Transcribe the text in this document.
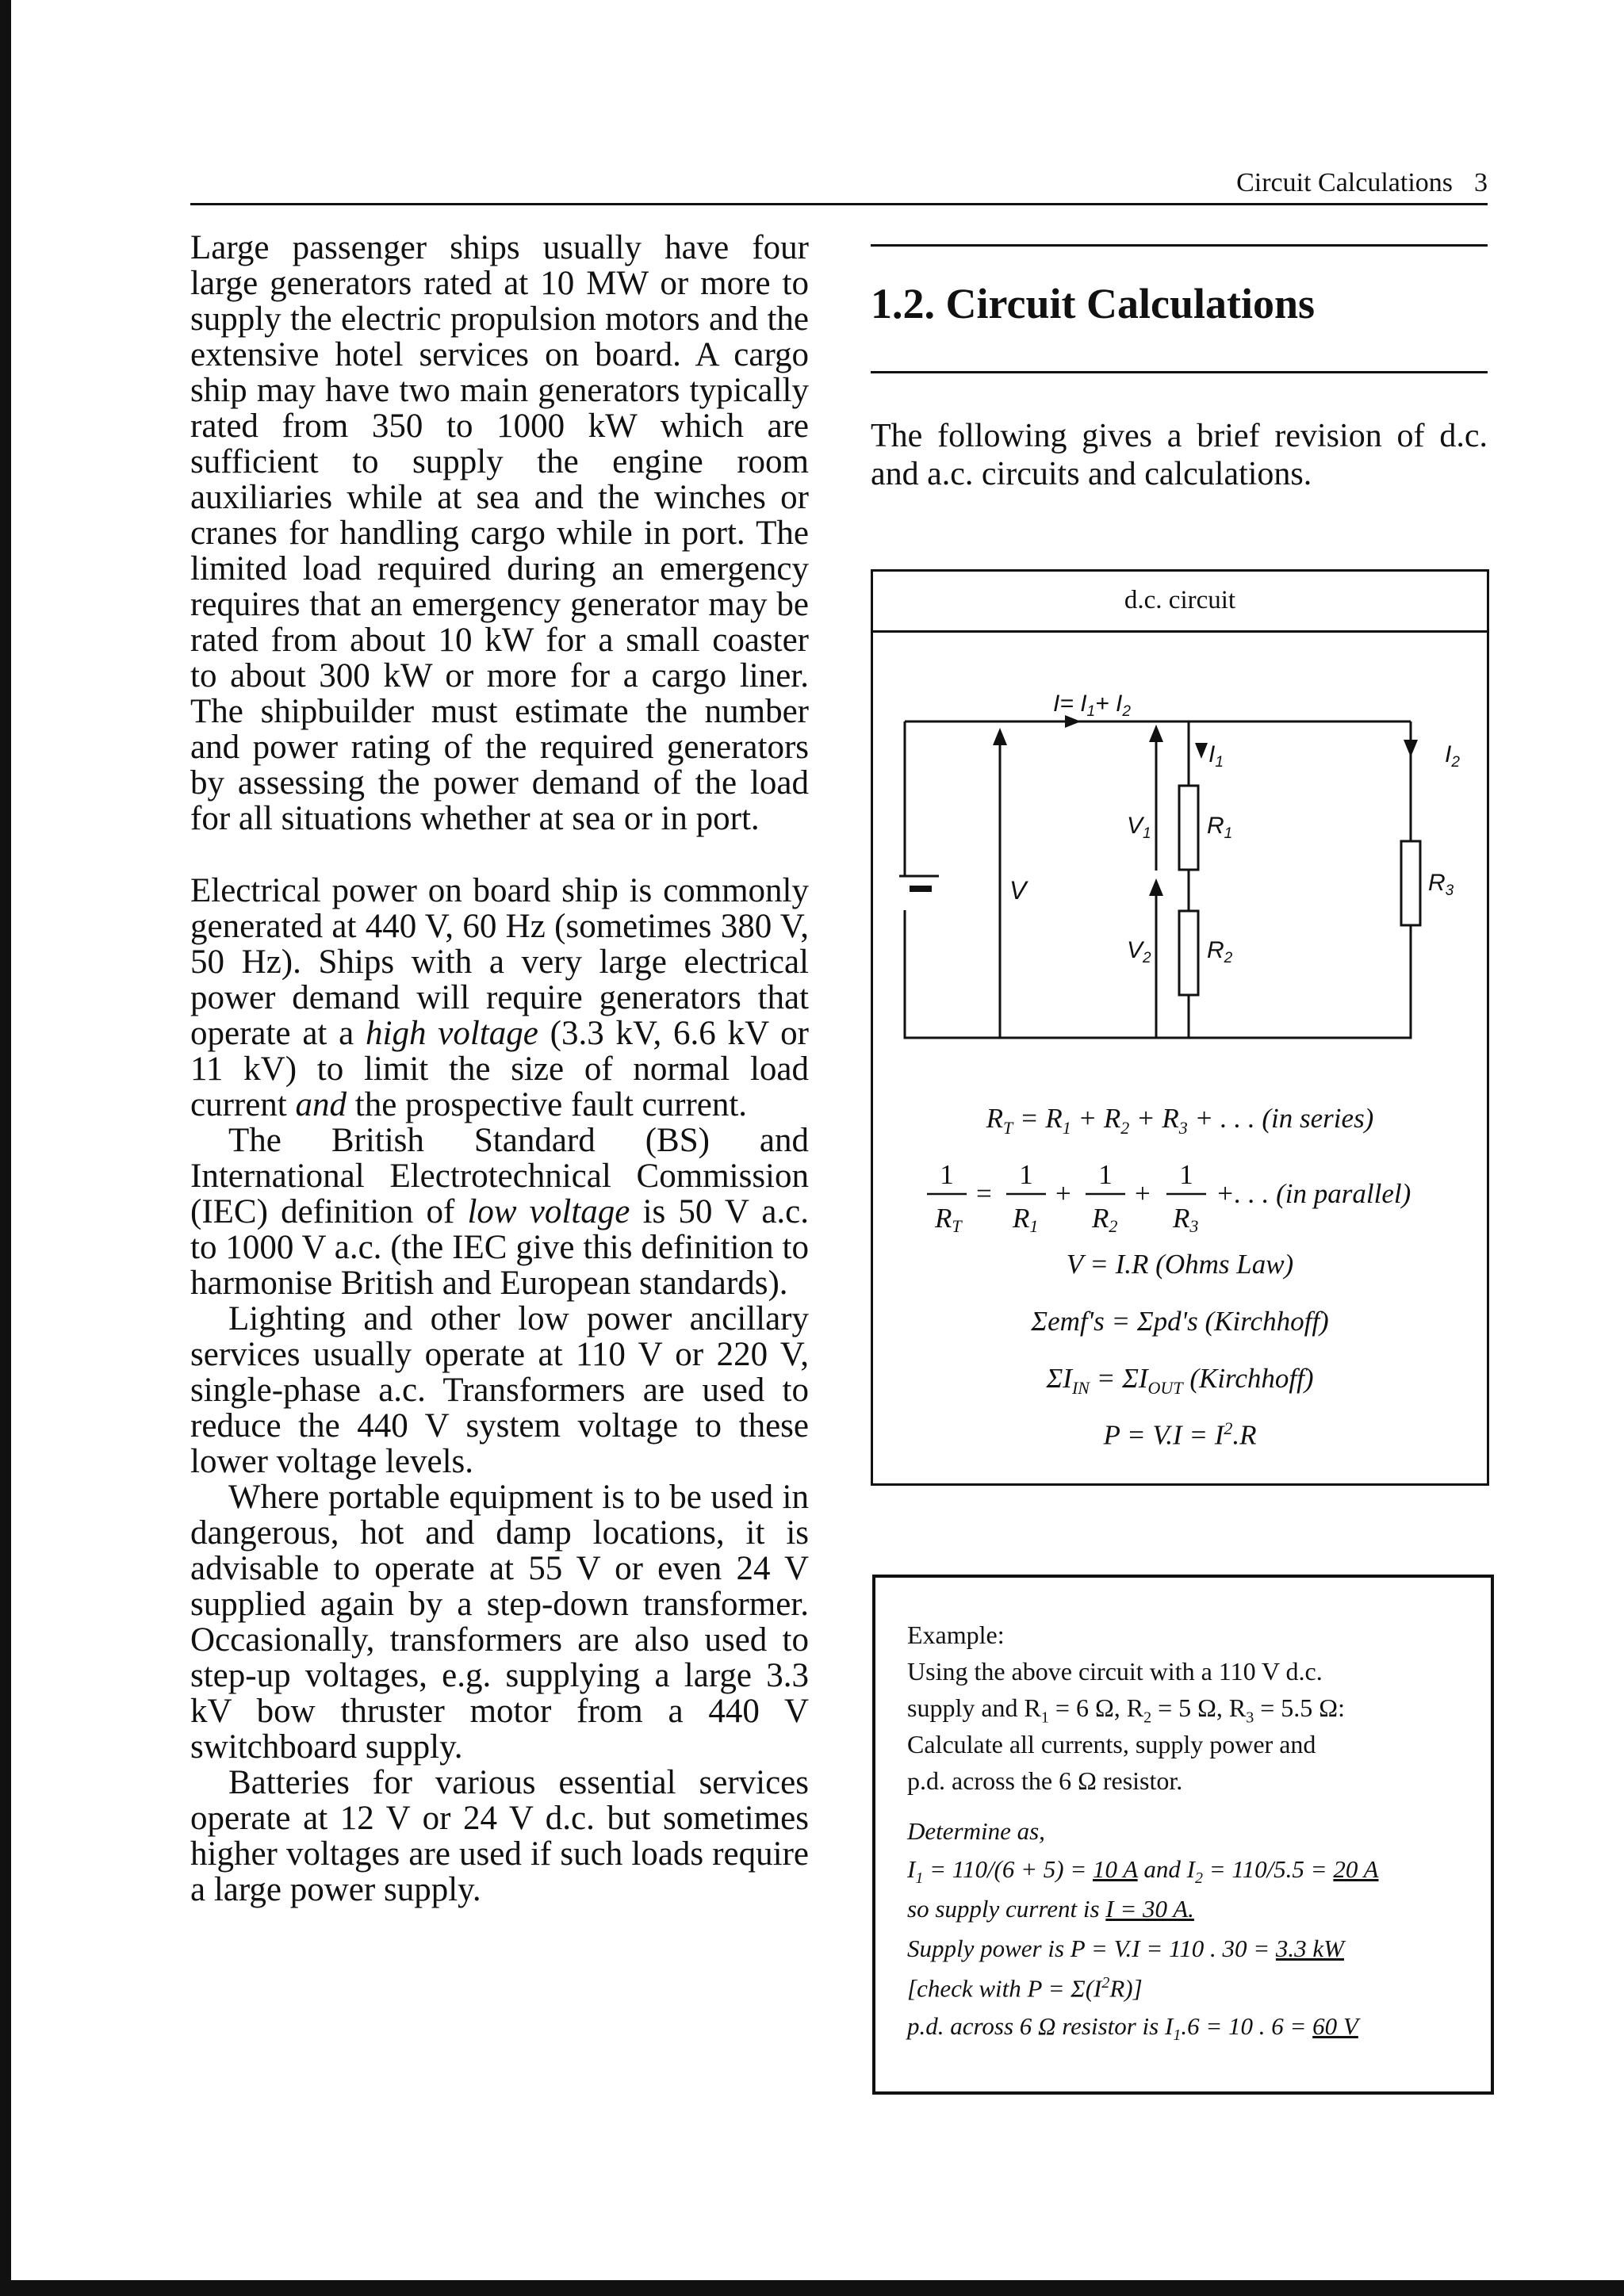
Circuit Calculations 3

Large passenger ships usually have four large generators rated at 10 MW or more to supply the electric propulsion motors and the extensive hotel services on board. A cargo ship may have two main generators typically rated from 350 to 1000 kW which are sufficient to supply the engine room auxiliaries while at sea and the winches or cranes for handling cargo while in port. The limited load required during an emergency requires that an emergency generator may be rated from about 10 kW for a small coaster to about 300 kW or more for a cargo liner. The shipbuilder must estimate the number and power rating of the required generators by assessing the power demand of the load for all situations whether at sea or in port.

Electrical power on board ship is commonly generated at 440 V, 60 Hz (sometimes 380 V, 50 Hz). Ships with a very large electrical power demand will require generators that operate at a high voltage (3.3 kV, 6.6 kV or 11 kV) to limit the size of normal load current and the prospective fault current.

The British Standard (BS) and International Electrotechnical Commission (IEC) definition of low voltage is 50 V a.c. to 1000 V a.c. (the IEC give this definition to harmonise British and European standards).

Lighting and other low power ancillary services usually operate at 110 V or 220 V, single-phase a.c. Transformers are used to reduce the 440 V system voltage to these lower voltage levels.

Where portable equipment is to be used in dangerous, hot and damp locations, it is advisable to operate at 55 V or even 24 V supplied again by a step-down transformer. Occasionally, transformers are also used to step-up voltages, e.g. supplying a large 3.3 kV bow thruster motor from a 440 V switchboard supply.

Batteries for various essential services operate at 12 V or 24 V d.c. but sometimes higher voltages are used if such loads require a large power supply.

1.2. Circuit Calculations
The following gives a brief revision of d.c. and a.c. circuits and calculations.
d.c. circuit
$I= I_1+ I_2$
$I_1$	$I_2$
V
$V_1$
$V_2$
$R_1$
$R_2$
$R_3$
$R_T = R_1 + R_2 + R_3$ + . . . (in series)
1 1 1 1
RT R1 R2 R3
= + + +. . . (in parallel)
V = I.R (Ohms Law)
Σemf's = Σpd's (Kirchhoff)
$\Sigma I_{IN} = \Sigma I_{OUT}$ (Kirchhoff)
$P = V.I = I^2.R$
Example:
Using the above circuit with a 110 V d.c.
supply and $R_1 = 6$ Ω, $R_2 = 5$ Ω, $R_3 = 5.5$ Ω:
Calculate all currents, supply power and
p.d. across the 6 Ω resistor.
Determine as,
$I_1 = 110/(6 + 5) = 10$ A and $I_2 = 110/5.5 = 20$ A
so supply current is I = 30 A.
Supply power is P = V.I = 110 . 30 = 3.3 kW
[check with $P = \Sigma(I^2R)$]
p.d. across 6 Ω resistor is $I_1.6 = 10$ . 6 = 60 V
